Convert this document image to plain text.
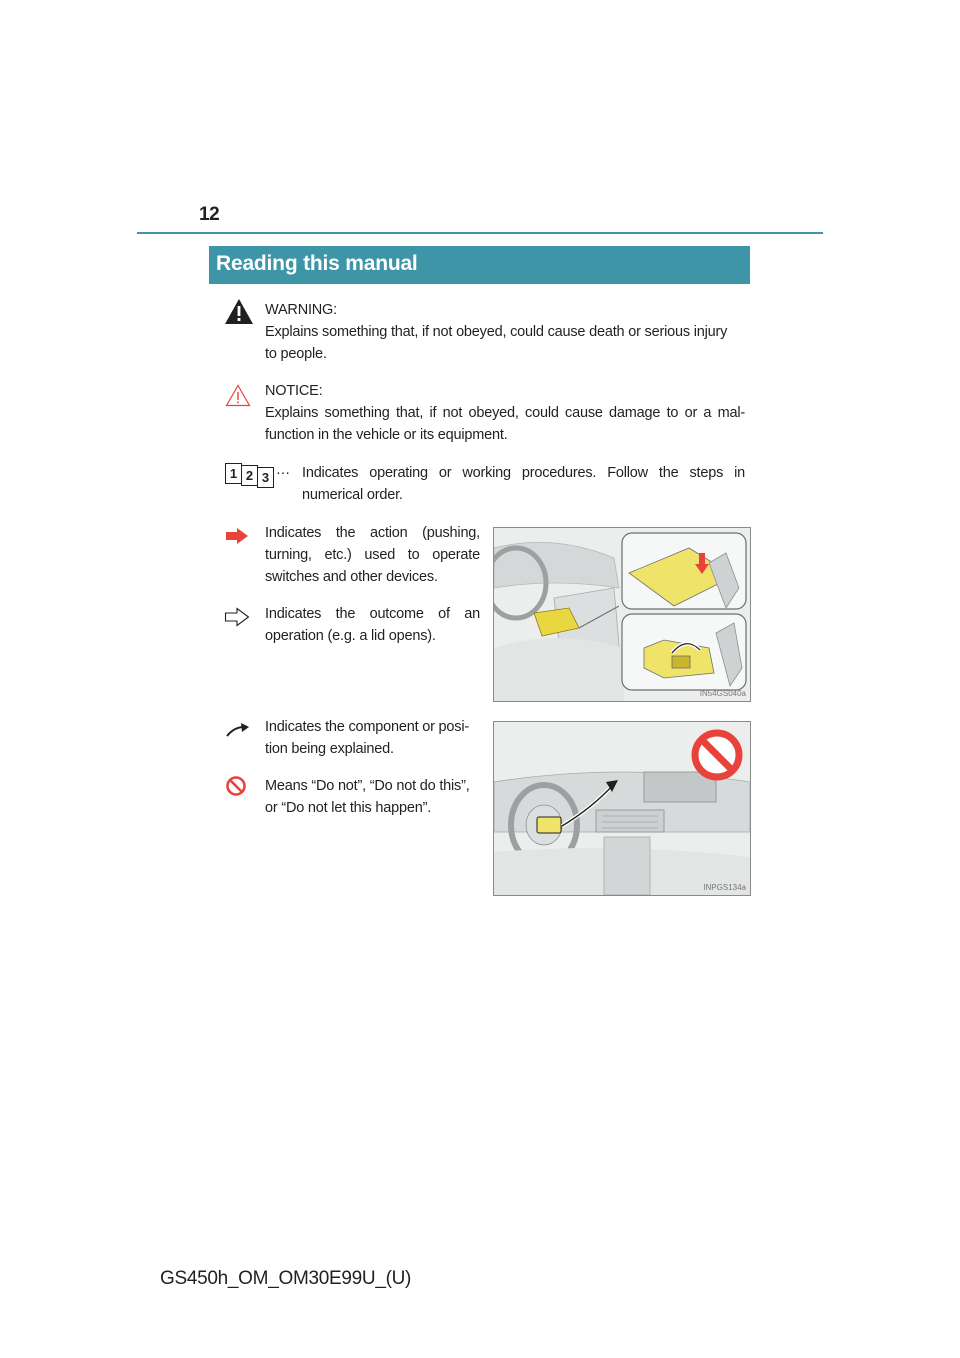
12
Reading this manual
WARNING:
Explains something that, if not obeyed, could cause death or serious injury
to people.
NOTICE:
Explains something that, if not obeyed, could cause damage to or a mal-
function in the vehicle or its equipment.
1 2 3 ··· Indicates operating or working procedures. Follow the steps in
numerical order.
Indicates the action (pushing,
turning, etc.) used to operate
switches and other devices.
Indicates the outcome of an
operation (e.g. a lid opens).
IN54GS040a
Indicates the component or posi-
tion being explained.
Means “Do not”, “Do not do this”,
or “Do not let this happen”.
INPGS134a
GS450h_OM_OM30E99U_(U)
